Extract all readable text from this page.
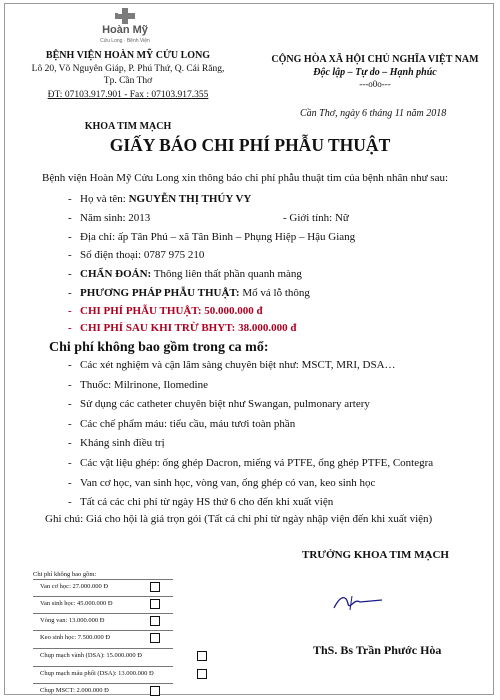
Hoàn Mỹ
Cửu Long · Bệnh Viện
BỆNH VIỆN HOÀN MỸ CỬU LONG
Lô 20, Võ Nguyên Giáp, P. Phú Thứ, Q. Cái Răng,
Tp. Cần Thơ
ĐT: 07103.917.901 - Fax : 07103.917.355
KHOA TIM MẠCH
CỘNG HÒA XÃ HỘI CHỦ NGHĨA VIỆT NAM
Độc lập – Tự do – Hạnh phúc
---o0o---
Cần Thơ, ngày 6 tháng 11 năm 2018
GIẤY BÁO CHI PHÍ PHẪU THUẬT
Bệnh viện Hoàn Mỹ Cửu Long xin thông báo chi phí phẫu thuật tim của bệnh nhân như sau:
- Họ và tên: NGUYỄN THỊ THÚY VY
- Năm sinh: 2013	- Giới tính: Nữ
- Địa chỉ: ấp Tân Phú – xã Tân Bình – Phụng Hiệp – Hậu Giang
- Số điện thoại: 0787 975 210
- CHẨN ĐOÁN: Thông liên thất phần quanh màng
- PHƯƠNG PHÁP PHẪU THUẬT: Mổ vá lỗ thông
- CHI PHÍ PHẪU THUẬT: 50.000.000 đ
- CHI PHÍ SAU KHI TRỪ BHYT: 38.000.000 đ
Chi phí không bao gồm trong ca mổ:
- Các xét nghiệm và cận lâm sàng chuyên biệt như: MSCT, MRI, DSA…
- Thuốc: Milrinone, Ilomedine
- Sử dụng các catheter chuyên biệt như Swangan, pulmonary artery
- Các chế phẩm máu: tiểu cầu, máu tươi toàn phần
- Kháng sinh điều trị
- Các vật liệu ghép: ống ghép Dacron, miếng vá PTFE, ống ghép PTFE, Contegra
- Van cơ học, van sinh học, vòng van, ống ghép có van, keo sinh học
- Tất cả các chi phí từ ngày HS thứ 6 cho đến khi xuất viện
Ghi chú: Giá cho hội là giá trọn gói (Tất cả chi phí từ ngày nhập viện đến khi xuất viện)
TRƯỞNG KHOA TIM MẠCH
ThS. Bs Trần Phước Hòa
Chi phí không bao gồm:
Van cơ học: 27.000.000 Đ
Van sinh học: 45.000.000 Đ
Vòng van: 13.000.000 Đ
Keo sinh học: 7.500.000 Đ
Chụp mạch vành (DSA): 15.000.000 Đ
Chụp mạch máu phổi (DSA): 13.000.000 Đ
Chụp MSCT: 2.000.000 Đ
